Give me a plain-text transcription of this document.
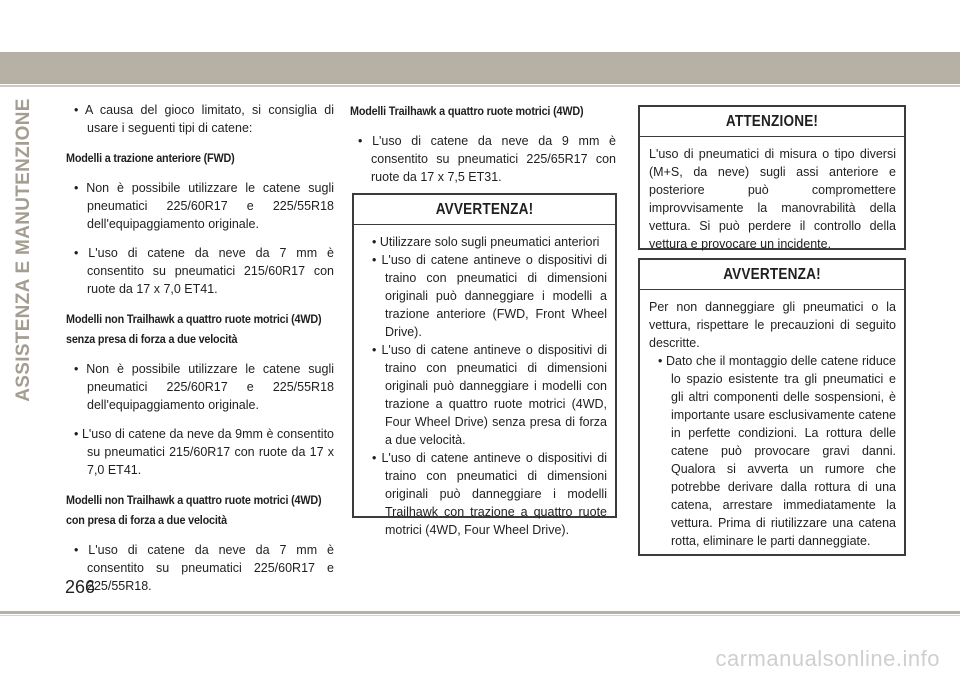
ASSISTENZA E MANUTENZIONE	• A causa del gioco limitato, si consiglia di usare i seguenti tipi di catene:

Modelli a trazione anteriore (FWD)

• Non è possibile utilizzare le catene sugli pneumatici 225/60R17 e 225/55R18 dell'equipaggiamento originale.

• L'uso di catene da neve da 7 mm è consentito su pneumatici 215/60R17 con ruote da 17 x 7,0 ET41.

Modelli non Trailhawk a quattro ruote motrici (4WD) senza presa di forza a due velocità

• Non è possibile utilizzare le catene sugli pneumatici 225/60R17 e 225/55R18 dell'equipaggiamento originale.

• L'uso di catene da neve da 9mm è consentito su pneumatici 215/60R17 con ruote da 17 x 7,0 ET41.

Modelli non Trailhawk a quattro ruote motrici (4WD) con presa di forza a due velocità

• L'uso di catene da neve da 7 mm è consentito su pneumatici 225/60R17 e 225/55R18.

Modelli Trailhawk a quattro ruote motrici (4WD)

• L'uso di catene da neve da 9 mm è consentito su pneumatici 225/65R17 con ruote da 17 x 7,5 ET31.

AVVERTENZA!

• Utilizzare solo sugli pneumatici anteriori

• L'uso di catene antineve o dispositivi di traino con pneumatici di dimensioni originali può danneggiare i modelli a trazione anteriore (FWD, Front Wheel Drive).

• L'uso di catene antineve o dispositivi di traino con pneumatici di dimensioni originali può danneggiare i modelli con trazione a quattro ruote motrici (4WD, Four Wheel Drive) senza presa di forza a due velocità.

• L'uso di catene antineve o dispositivi di traino con pneumatici di dimensioni originali può danneggiare i modelli Trailhawk con trazione a quattro ruote motrici (4WD, Four Wheel Drive).

ATTENZIONE!

L'uso di pneumatici di misura o tipo diversi (M+S, da neve) sugli assi anteriore e posteriore può compromettere improvvisamente la manovrabilità della vettura. Si può perdere il controllo della vettura e provocare un incidente.

AVVERTENZA!

Per non danneggiare gli pneumatici o la vettura, rispettare le precauzioni di seguito descritte.

• Dato che il montaggio delle catene riduce lo spazio esistente tra gli pneumatici e gli altri componenti delle sospensioni, è importante usare esclusivamente catene in perfette condizioni. La rottura delle catene può provocare gravi danni. Qualora si avverta un rumore che potrebbe derivare dalla rottura di una catena, arrestare immediatamente la vettura. Prima di riutilizzare una catena rotta, eliminare le parti danneggiate.

266
carmanualsonline.info
